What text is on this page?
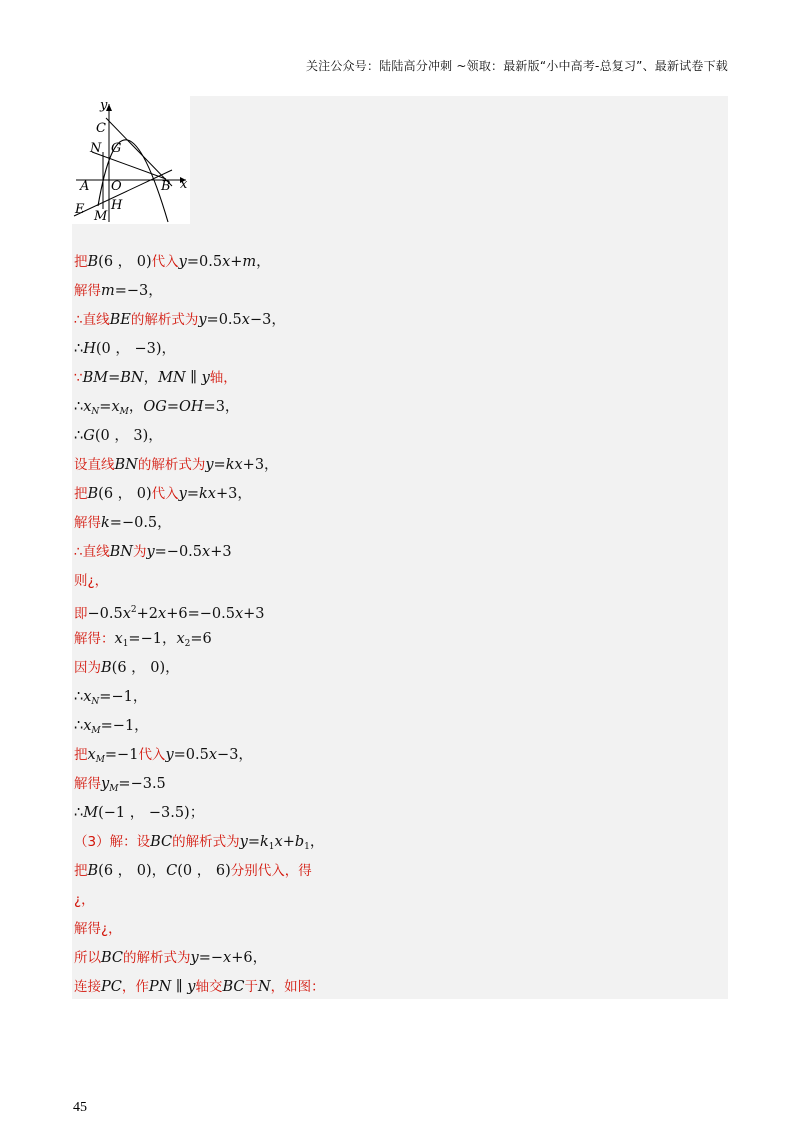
关注公众号：陆陆高分冲刺 ~领取：最新版“小中高考-总复习”、最新试卷下载
y
x
C
N G
A O	B
E M
H
把B(6 ， 0)代入y=0.5x+m，
解得m=−3，
∴直线BE的解析式为y=0.5x−3，
∴H(0 ， −3)，
∵BM=BN，MN ∥ y轴，
$\therefore x_N=x_M$，OG=OH=3，
∴G(0 ， 3)，
设直线BN的解析式为y=kx+3，
把B(6 ， 0)代入y=kx+3，
解得k=−0.5，
∴直线BN为y=−0.5x+3
则¿，
即$-0.5x^2+2x+6=-0.5x+3$
解得：$x_1=-1$，$x_2=6$
因为B(6 ， 0)，
$\therefore x_N=-1$，
$\therefore x_M=-1$，
把$x_M=-1$代入y=0.5x−3，
解得$y_M=-3.5$
∴M(−1 ， −3.5)；
（3）解：设BC的解析式为$y=k_1x+b_1$，
把B(6 ， 0)，C(0 ， 6)分别代入，得
¿，
解得¿，
所以BC的解析式为y=−x+6，
连接PC，作PN ∥ y轴交BC于N，如图：
45
